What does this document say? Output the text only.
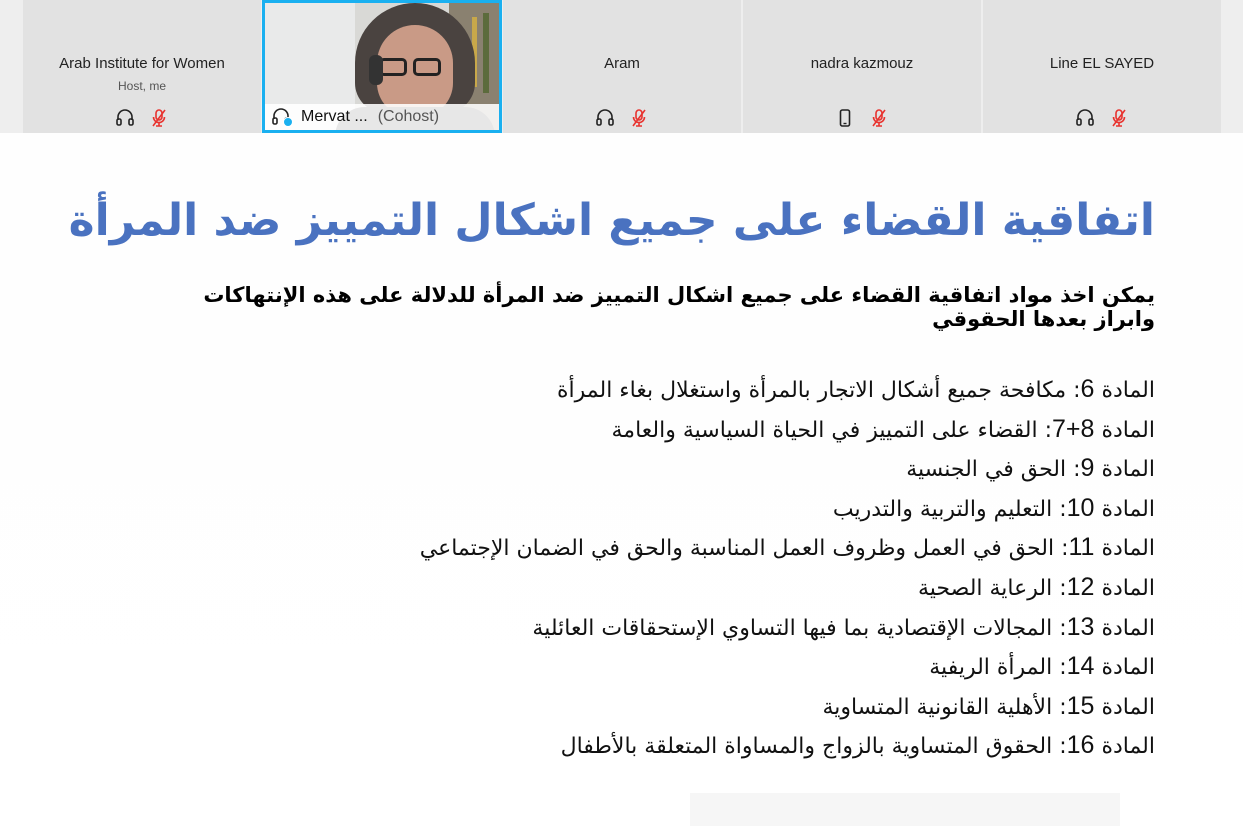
Arab Institute for Women
Host, me
Mervat ... (Cohost)
Aram	nadra kazmouz	Line EL SAYED
اتفاقية القضاء على جميع اشكال التمييز ضد المرأة
يمكن اخذ مواد اتفاقية القضاء على جميع اشكال التمييز ضد المرأة للدلالة على هذه الإنتهاكات وابراز بعدها الحقوقي
المادة 6: مكافحة جميع أشكال الاتجار بالمرأة واستغلال بغاء المرأة
المادة 7+8: القضاء على التمييز في الحياة السياسية والعامة
المادة 9: الحق في الجنسية
المادة 10: التعليم والتربية والتدريب
المادة 11: الحق في العمل وظروف العمل المناسبة والحق في الضمان الإجتماعي
المادة 12: الرعاية الصحية
المادة 13: المجالات الإقتصادية بما فيها التساوي الإستحقاقات العائلية
المادة 14: المرأة الريفية
المادة 15: الأهلية القانونية المتساوية
المادة 16: الحقوق المتساوية بالزواج والمساواة المتعلقة بالأطفال
